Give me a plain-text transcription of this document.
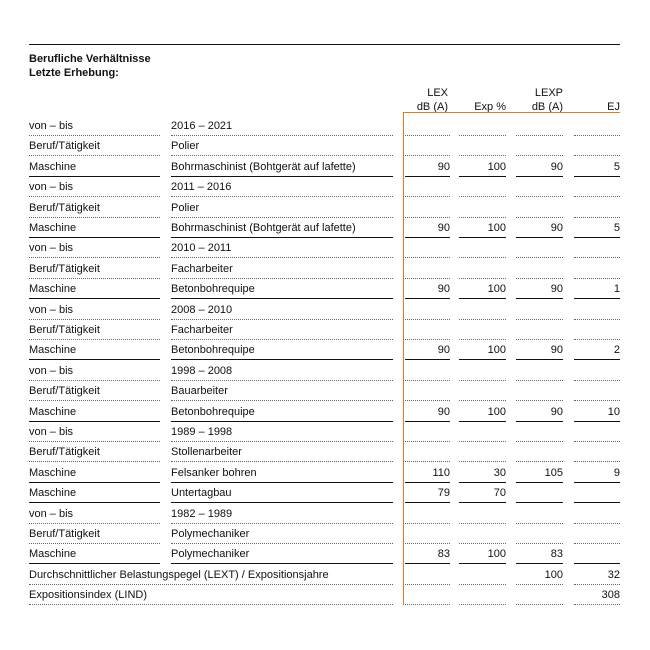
Berufliche Verhältnisse
Letzte Erhebung:
LEX
dB (A)	Exp %
LEXP
dB (A)	EJ
von – bis	2016 – 2021
Beruf/Tätigkeit	Polier
Maschine	Bohrmaschinist (Bohtgerät auf lafette)	90	100	90	5
von – bis	2011 – 2016
Beruf/Tätigkeit	Polier
Maschine	Bohrmaschinist (Bohtgerät auf lafette)	90	100	90	5
von – bis	2010 – 2011
Beruf/Tätigkeit	Facharbeiter
Maschine	Betonbohrequipe	90	100	90	1
von – bis	2008 – 2010
Beruf/Tätigkeit	Facharbeiter
Maschine	Betonbohrequipe	90	100	90	2
von – bis	1998 – 2008
Beruf/Tätigkeit	Bauarbeiter
Maschine	Betonbohrequipe	90	100	90	10
von – bis	1989 – 1998
Beruf/Tätigkeit	Stollenarbeiter
Maschine	Felsanker bohren	110	30	105	9
Maschine	Untertagbau	79	70
von – bis	1982 – 1989
Beruf/Tätigkeit	Polymechaniker
Maschine	Polymechaniker	83	100	83
Durchschnittlicher Belastungspegel (LEXT) / Expositionsjahre	100	32
Expositionsindex (LIND)	308
